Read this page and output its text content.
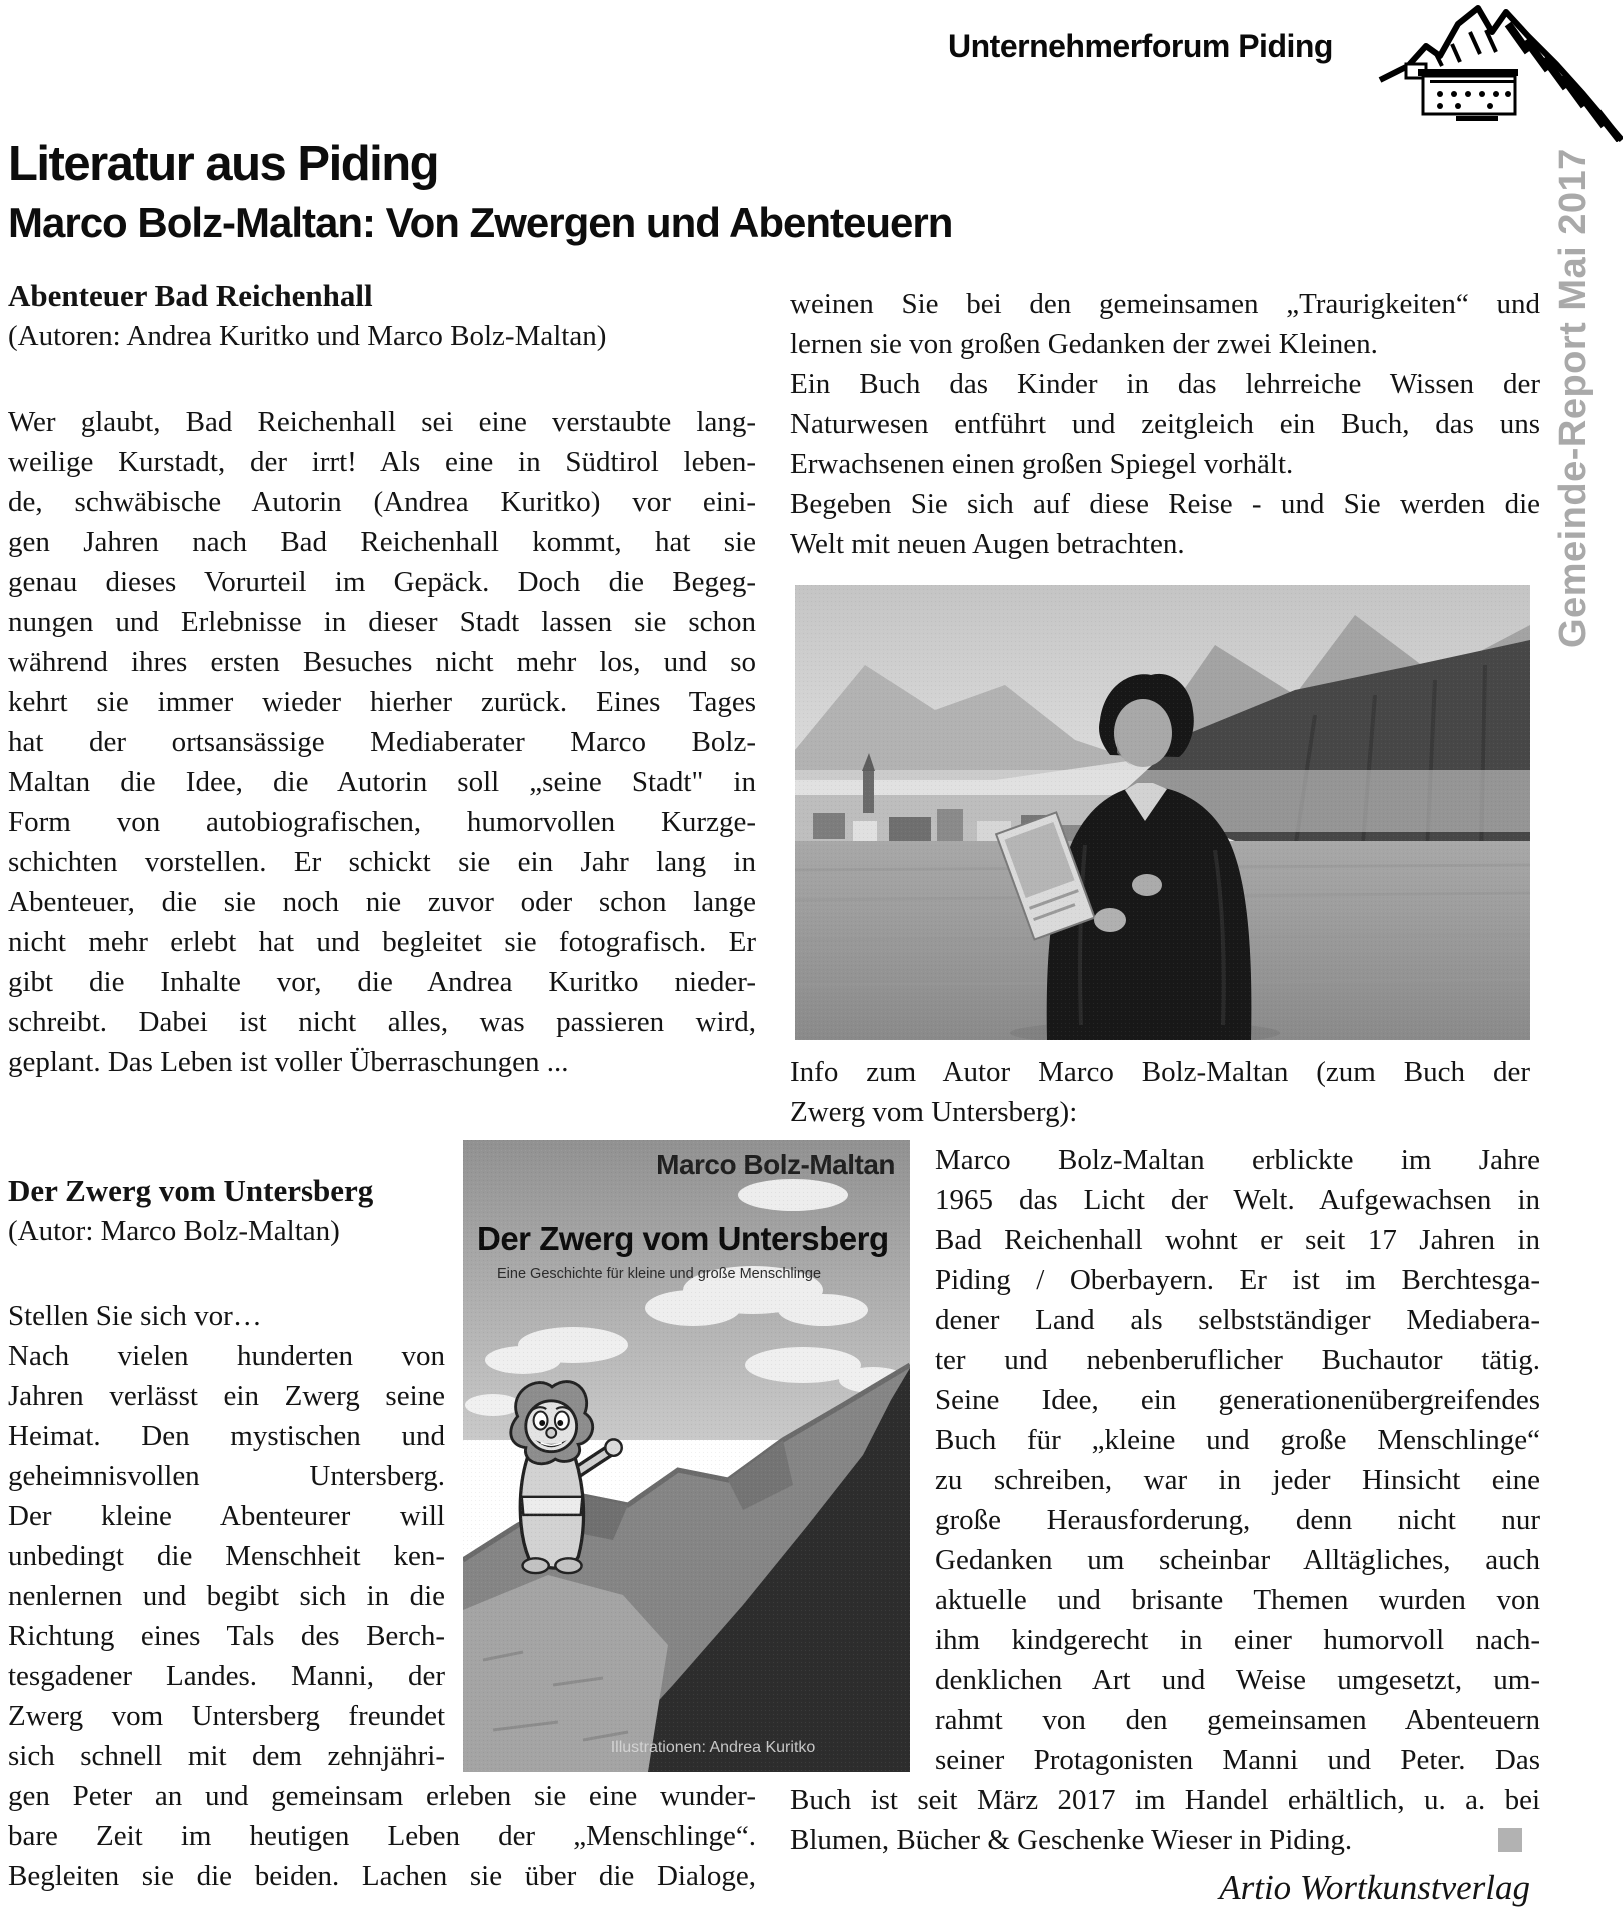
Unternehmerforum Piding
Gemeinde-Report Mai 2017
Literatur aus Piding
Marco Bolz-Maltan: Von Zwergen und Abenteuern
Abenteuer Bad Reichenhall
(Autoren: Andrea Kuritko und Marco Bolz-Maltan)
Wer glaubt, Bad Reichenhall sei eine verstaubte lang-
weilige Kurstadt, der irrt! Als eine in Südtirol leben-
de, schwäbische Autorin (Andrea Kuritko) vor eini-
gen Jahren nach Bad Reichenhall kommt, hat sie
genau dieses Vorurteil im Gepäck. Doch die Begeg-
nungen und Erlebnisse in dieser Stadt lassen sie schon
während ihres ersten Besuches nicht mehr los, und so
kehrt sie immer wieder hierher zurück. Eines Tages
hat der ortsansässige Mediaberater Marco Bolz-
Maltan die Idee, die Autorin soll „seine Stadt" in
Form von autobiografischen, humorvollen Kurzge-
schichten vorstellen. Er schickt sie ein Jahr lang in
Abenteuer, die sie noch nie zuvor oder schon lange
nicht mehr erlebt hat und begleitet sie fotografisch. Er
gibt die Inhalte vor, die Andrea Kuritko nieder-
schreibt. Dabei ist nicht alles, was passieren wird,
geplant. Das Leben ist voller Überraschungen ...
Der Zwerg vom Untersberg
(Autor: Marco Bolz-Maltan)
Stellen Sie sich vor…
Nach vielen hunderten von
Jahren verlässt ein Zwerg seine
Heimat. Den mystischen und
geheimnisvollen Untersberg.
Der kleine Abenteurer will
unbedingt die Menschheit ken-
nenlernen und begibt sich in die
Richtung eines Tals des Berch-
tesgadener Landes. Manni, der
Zwerg vom Untersberg freundet
sich schnell mit dem zehnjähri-
gen Peter an und gemeinsam erleben sie eine wunder-
bare Zeit im heutigen Leben der „Menschlinge“.
Begleiten sie die beiden. Lachen sie über die Dialoge,
weinen Sie bei den gemeinsamen „Traurigkeiten“ und
lernen sie von großen Gedanken der zwei Kleinen.
Ein Buch das Kinder in das lehrreiche Wissen der
Naturwesen entführt und zeitgleich ein Buch, das uns
Erwachsenen einen großen Spiegel vorhält.
Begeben Sie sich auf diese Reise - und Sie werden die
Welt mit neuen Augen betrachten.
Info zum Autor Marco Bolz-Maltan (zum Buch der
Zwerg vom Untersberg):
Marco Bolz-Maltan erblickte im Jahre
1965 das Licht der Welt. Aufgewachsen in
Bad Reichenhall wohnt er seit 17 Jahren in
Piding / Oberbayern. Er ist im Berchtesga-
dener Land als selbstständiger Mediabera-
ter und nebenberuflicher Buchautor tätig.
Seine Idee, ein generationenübergreifendes
Buch für „kleine und große Menschlinge“
zu schreiben, war in jeder Hinsicht eine
große Herausforderung, denn nicht nur
Gedanken um scheinbar Alltägliches, auch
aktuelle und brisante Themen wurden von
ihm kindgerecht in einer humorvoll nach-
denklichen Art und Weise umgesetzt, um-
rahmt von den gemeinsamen Abenteuern
seiner Protagonisten Manni und Peter. Das
Buch ist seit März 2017 im Handel erhältlich, u. a. bei
Blumen, Bücher & Geschenke Wieser in Piding.
Artio Wortkunstverlag
